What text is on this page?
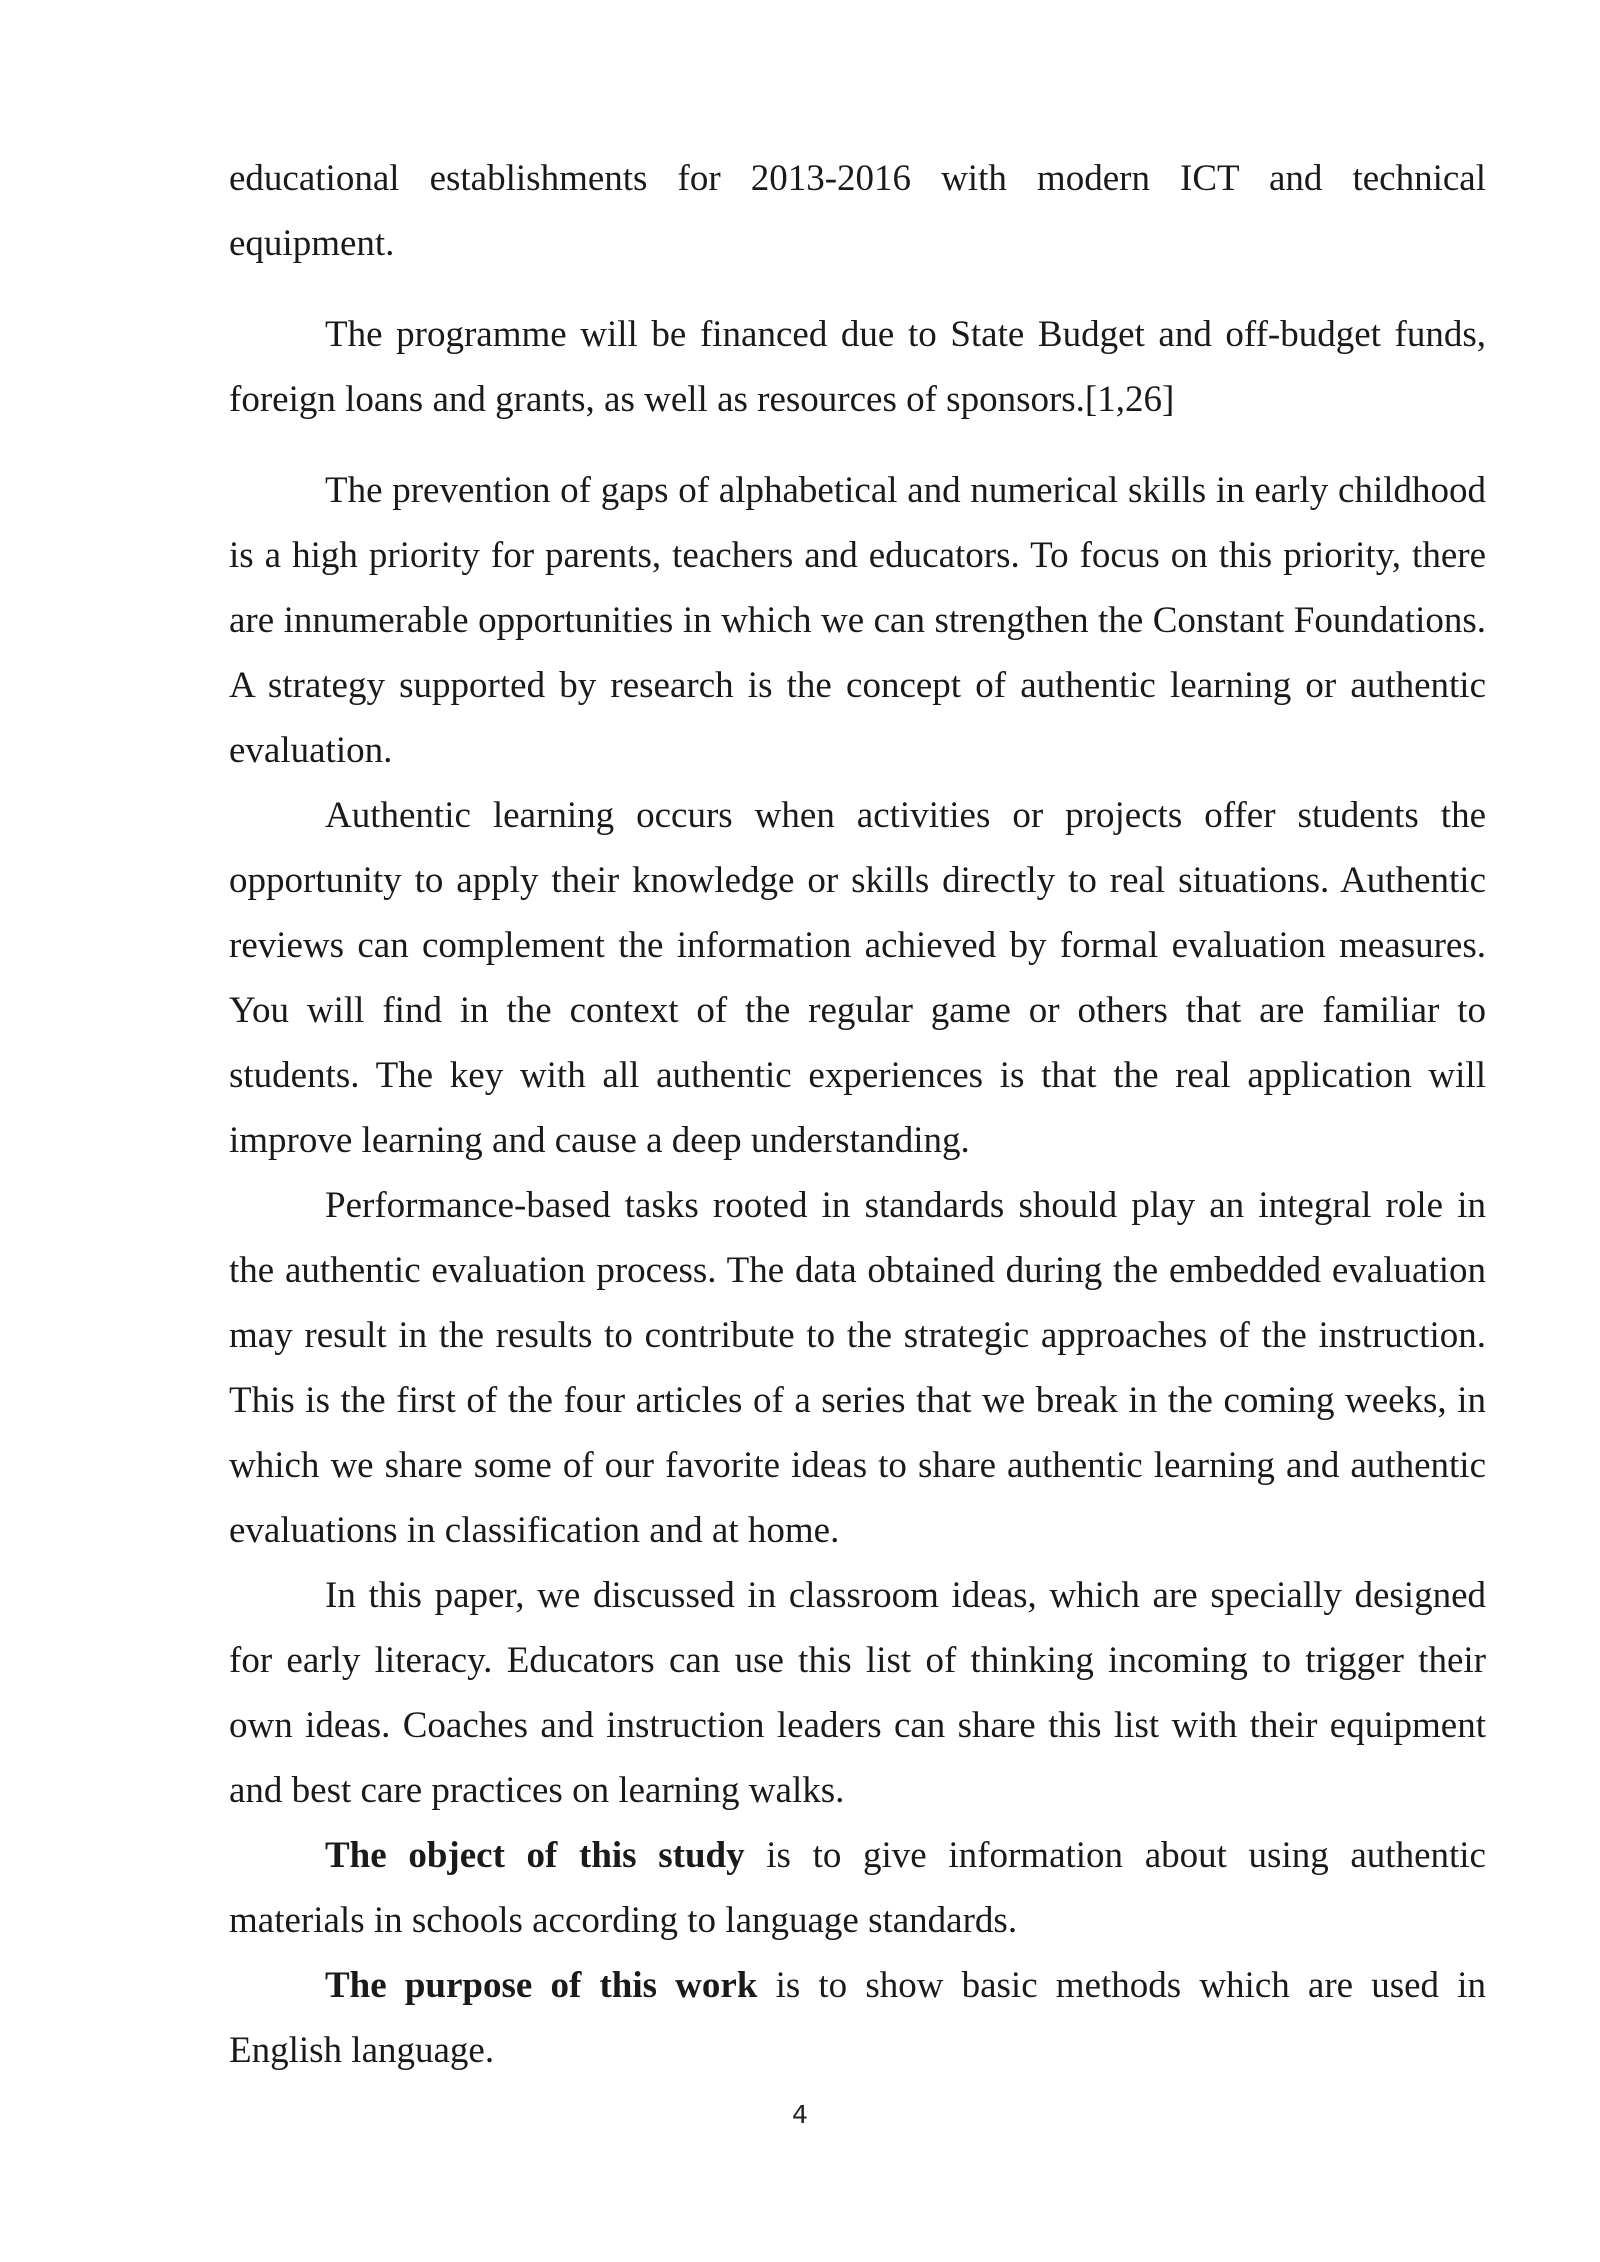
educational establishments for 2013-2016 with modern ICT and technical equipment.

The programme will be financed due to State Budget and off-budget funds, foreign loans and grants, as well as resources of sponsors.[1,26]

The prevention of gaps of alphabetical and numerical skills in early childhood is a high priority for parents, teachers and educators. To focus on this priority, there are innumerable opportunities in which we can strengthen the Constant Foundations. A strategy supported by research is the concept of authentic learning or authentic evaluation.

Authentic learning occurs when activities or projects offer students the opportunity to apply their knowledge or skills directly to real situations. Authentic reviews can complement the information achieved by formal evaluation measures. You will find in the context of the regular game or others that are familiar to students. The key with all authentic experiences is that the real application will improve learning and cause a deep understanding.

Performance-based tasks rooted in standards should play an integral role in the authentic evaluation process. The data obtained during the embedded evaluation may result in the results to contribute to the strategic approaches of the instruction. This is the first of the four articles of a series that we break in the coming weeks, in which we share some of our favorite ideas to share authentic learning and authentic evaluations in classification and at home.

In this paper, we discussed in classroom ideas, which are specially designed for early literacy. Educators can use this list of thinking incoming to trigger their own ideas. Coaches and instruction leaders can share this list with their equipment and best care practices on learning walks.

The object of this study is to give information about using authentic materials in schools according to language standards.

The purpose of this work is to show basic methods which are used in English language.

4
